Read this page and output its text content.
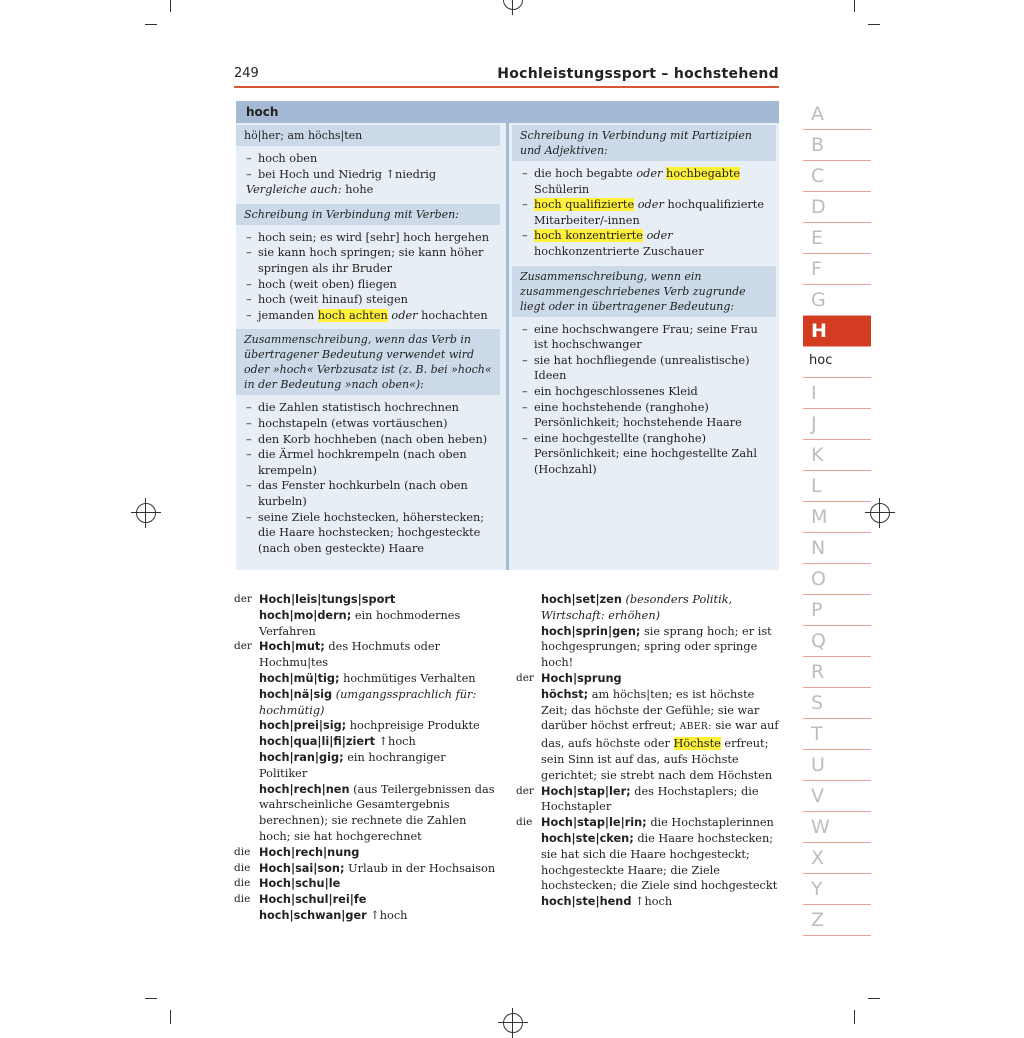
249	Hochleistungssport – hochstehend
hoch
hö|her; am höchs|ten
– hoch oben
– bei Hoch und Niedrig ↑niedrig
Vergleiche auch: hohe
Schreibung in Verbindung mit Verben:
– hoch sein; es wird [sehr] hoch hergehen
– sie kann hoch springen; sie kann höher springen als ihr Bruder
– hoch (weit oben) fliegen
– hoch (weit hinauf) steigen
– jemanden hoch achten oder hochachten
Zusammenschreibung, wenn das Verb in übertragener Bedeutung verwendet wird oder »hoch« Verbzusatz ist (z. B. bei »hoch« in der Bedeutung »nach oben«):
– die Zahlen statistisch hochrechnen
– hochstapeln (etwas vortäuschen)
– den Korb hochheben (nach oben heben)
– die Ärmel hochkrempeln (nach oben krempeln)
– das Fenster hochkurbeln (nach oben kurbeln)
– seine Ziele hochstecken, höherstecken; die Haare hochstecken; hochgesteckte (nach oben gesteckte) Haare
Schreibung in Verbindung mit Partizipien und Adjektiven:
– die hoch begabte oder hochbegabte Schülerin
– hoch qualifizierte oder hochqualifizierte Mitarbeiter/-innen
– hoch konzentrierte oder hochkonzentrierte Zuschauer
Zusammenschreibung, wenn ein zusammengeschriebenes Verb zugrunde liegt oder in übertragener Bedeutung:
– eine hochschwangere Frau; seine Frau ist hochschwanger
– sie hat hochfliegende (unrealistische) Ideen
– ein hochgeschlossenes Kleid
– eine hochstehende (ranghohe) Persönlichkeit; hochstehende Haare
– eine hochgestellte (ranghohe) Persönlichkeit; eine hochgestellte Zahl (Hochzahl)
der Hoch|leis|tungs|sport
hoch|mo|dern; ein hochmodernes Verfahren
der Hoch|mut; des Hochmuts oder Hochmu|tes
hoch|mü|tig; hochmütiges Verhalten
hoch|nä|sig (umgangssprachlich für: hochmütig)
hoch|prei|sig; hochpreisige Produkte
hoch|qua|li|fi|ziert ↑hoch
hoch|ran|gig; ein hochrangiger Politiker
hoch|rech|nen (aus Teilergebnissen das wahrscheinliche Gesamtergebnis berechnen); sie rechnete die Zahlen hoch; sie hat hochgerechnet
die Hoch|rech|nung
die Hoch|sai|son; Urlaub in der Hochsaison
die Hoch|schu|le
die Hoch|schul|rei|fe
hoch|schwan|ger ↑hoch
hoch|set|zen (besonders Politik, Wirtschaft: erhöhen)
hoch|sprin|gen; sie sprang hoch; er ist hochgesprungen; spring oder springe hoch!
der Hoch|sprung
höchst; am höchs|ten; es ist höchste Zeit; das höchste der Gefühle; sie war darüber höchst erfreut; ABER: sie war auf das, aufs höchste oder Höchste erfreut; sein Sinn ist auf das, aufs Höchste gerichtet; sie strebt nach dem Höchsten
der Hoch|stap|ler; des Hochstaplers; die Hochstapler
die Hoch|stap|le|rin; die Hochstaplerinnen
hoch|ste|cken; die Haare hochstecken; sie hat sich die Haare hochgesteckt; hochgesteckte Haare; die Ziele hochstecken; die Ziele sind hochgesteckt
hoch|ste|hend ↑hoch
A
B
C
D
E
F
G
H
hoc
I
J
K
L
M
N
O
P
Q
R
S
T
U
V
W
X
Y
Z
